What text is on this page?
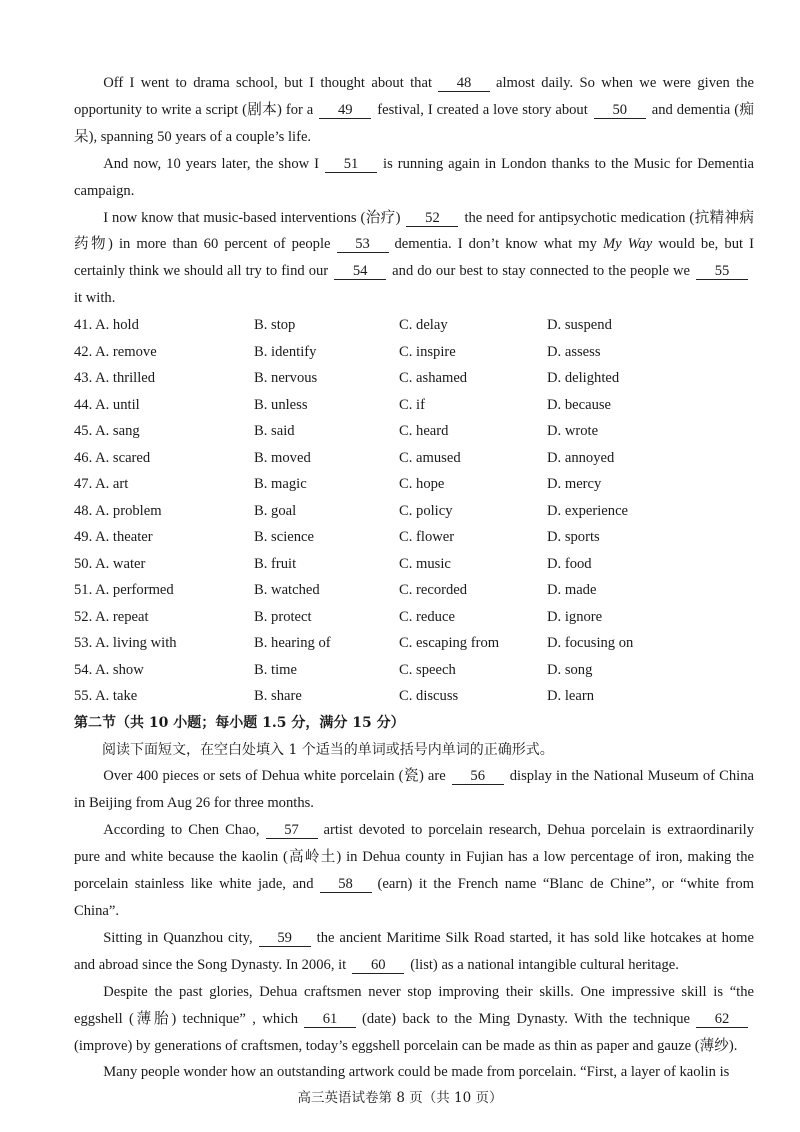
Off I went to drama school, but I thought about that 48 almost daily. So when we were given the opportunity to write a script (剧本) for a 49 festival, I created a love story about 50 and dementia (痴呆), spanning 50 years of a couple’s life.

And now, 10 years later, the show I 51 is running again in London thanks to the Music for Dementia campaign.

I now know that music-based interventions (治疗) 52 the need for antipsychotic medication (抗精神病药物) in more than 60 percent of people 53 dementia. I don’t know what my My Way would be, but I certainly think we should all try to find our 54 and do our best to stay connected to the people we 55it with.

41. A. hold	B. stop	C. delay	D. suspend
42. A. remove	B. identify	C. inspire	D. assess
43. A. thrilled	B. nervous	C. ashamed	D. delighted
44. A. until	B. unless	C. if	D. because
45. A. sang	B. said	C. heard	D. wrote
46. A. scared	B. moved	C. amused	D. annoyed
47. A. art	B. magic	C. hope	D. mercy
48. A. problem	B. goal	C. policy	D. experience
49. A. theater	B. science	C. flower	D. sports
50. A. water	B. fruit	C. music	D. food
51. A. performed	B. watched	C. recorded	D. made
52. A. repeat	B. protect	C. reduce	D. ignore
53. A. living with	B. hearing of	C. escaping from	D. focusing on
54. A. show	B. time	C. speech	D. song
55. A. take	B. share	C. discuss	D. learn

第二节（共 10 小题；每小题 1.5 分，满分 15 分）

阅读下面短文，在空白处填入 1 个适当的单词或括号内单词的正确形式。

Over 400 pieces or sets of Dehua white porcelain (瓷) are 56 display in the National Museum of China in Beijing from Aug 26 for three months.

According to Chen Chao, 57 artist devoted to porcelain research, Dehua porcelain is extraordinarily pure and white because the kaolin (高岭土) in Dehua county in Fujian has a low percentage of iron, making the porcelain stainless like white jade, and 58 (earn) it the French name “Blanc de Chine”, or “white from China”.

Sitting in Quanzhou city, 59 the ancient Maritime Silk Road started, it has sold like hotcakes at home and abroad since the Song Dynasty. In 2006, it 60 (list) as a national intangible cultural heritage.

Despite the past glories, Dehua craftsmen never stop improving their skills. One impressive skill is “the eggshell (薄胎) technique” , which 61 (date) back to the Ming Dynasty. With the technique 62(improve) by generations of craftsmen, today’s eggshell porcelain can be made as thin as paper and gauze (薄纱).

Many people wonder how an outstanding artwork could be made from porcelain. “First, a layer of kaolin is

高三英语试卷第 8 页（共 10 页）
